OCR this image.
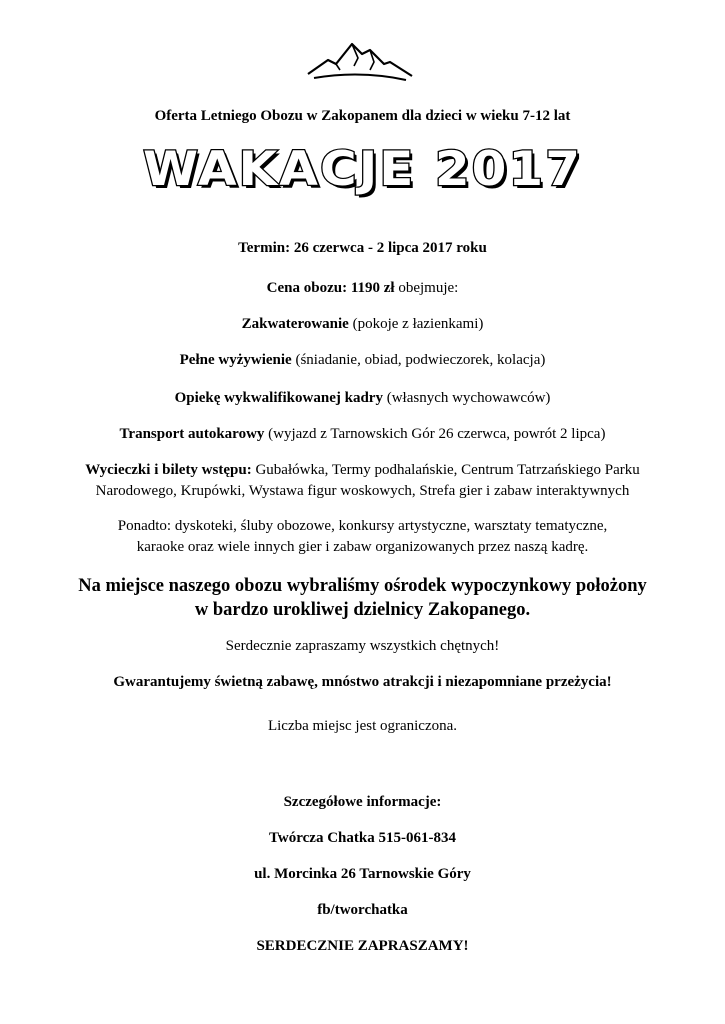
Oferta Letniego Obozu w Zakopanem dla dzieci w wieku 7-12 lat
WAKACJE 2017
Termin: 26 czerwca - 2 lipca 2017 roku
Cena obozu: 1190 zł obejmuje:
Zakwaterowanie (pokoje z łazienkami)
Pełne wyżywienie (śniadanie, obiad, podwieczorek, kolacja)
Opiekę wykwalifikowanej kadry (własnych wychowawców)
Transport autokarowy (wyjazd z Tarnowskich Gór 26 czerwca, powrót 2 lipca)
Wycieczki i bilety wstępu: Gubałówka, Termy podhalańskie, Centrum Tatrzańskiego Parku
Narodowego, Krupówki, Wystawa figur woskowych, Strefa gier i zabaw interaktywnych
Ponadto: dyskoteki, śluby obozowe, konkursy artystyczne, warsztaty tematyczne,
karaoke oraz wiele innych gier i zabaw organizowanych przez naszą kadrę.
Na miejsce naszego obozu wybraliśmy ośrodek wypoczynkowy położony
w bardzo urokliwej dzielnicy Zakopanego.
Serdecznie zapraszamy wszystkich chętnych!
Gwarantujemy świetną zabawę, mnóstwo atrakcji i niezapomniane przeżycia!
Liczba miejsc jest ograniczona.
Szczegółowe informacje:
Twórcza Chatka 515-061-834
ul. Morcinka 26 Tarnowskie Góry
fb/tworchatka
SERDECZNIE ZAPRASZAMY!
